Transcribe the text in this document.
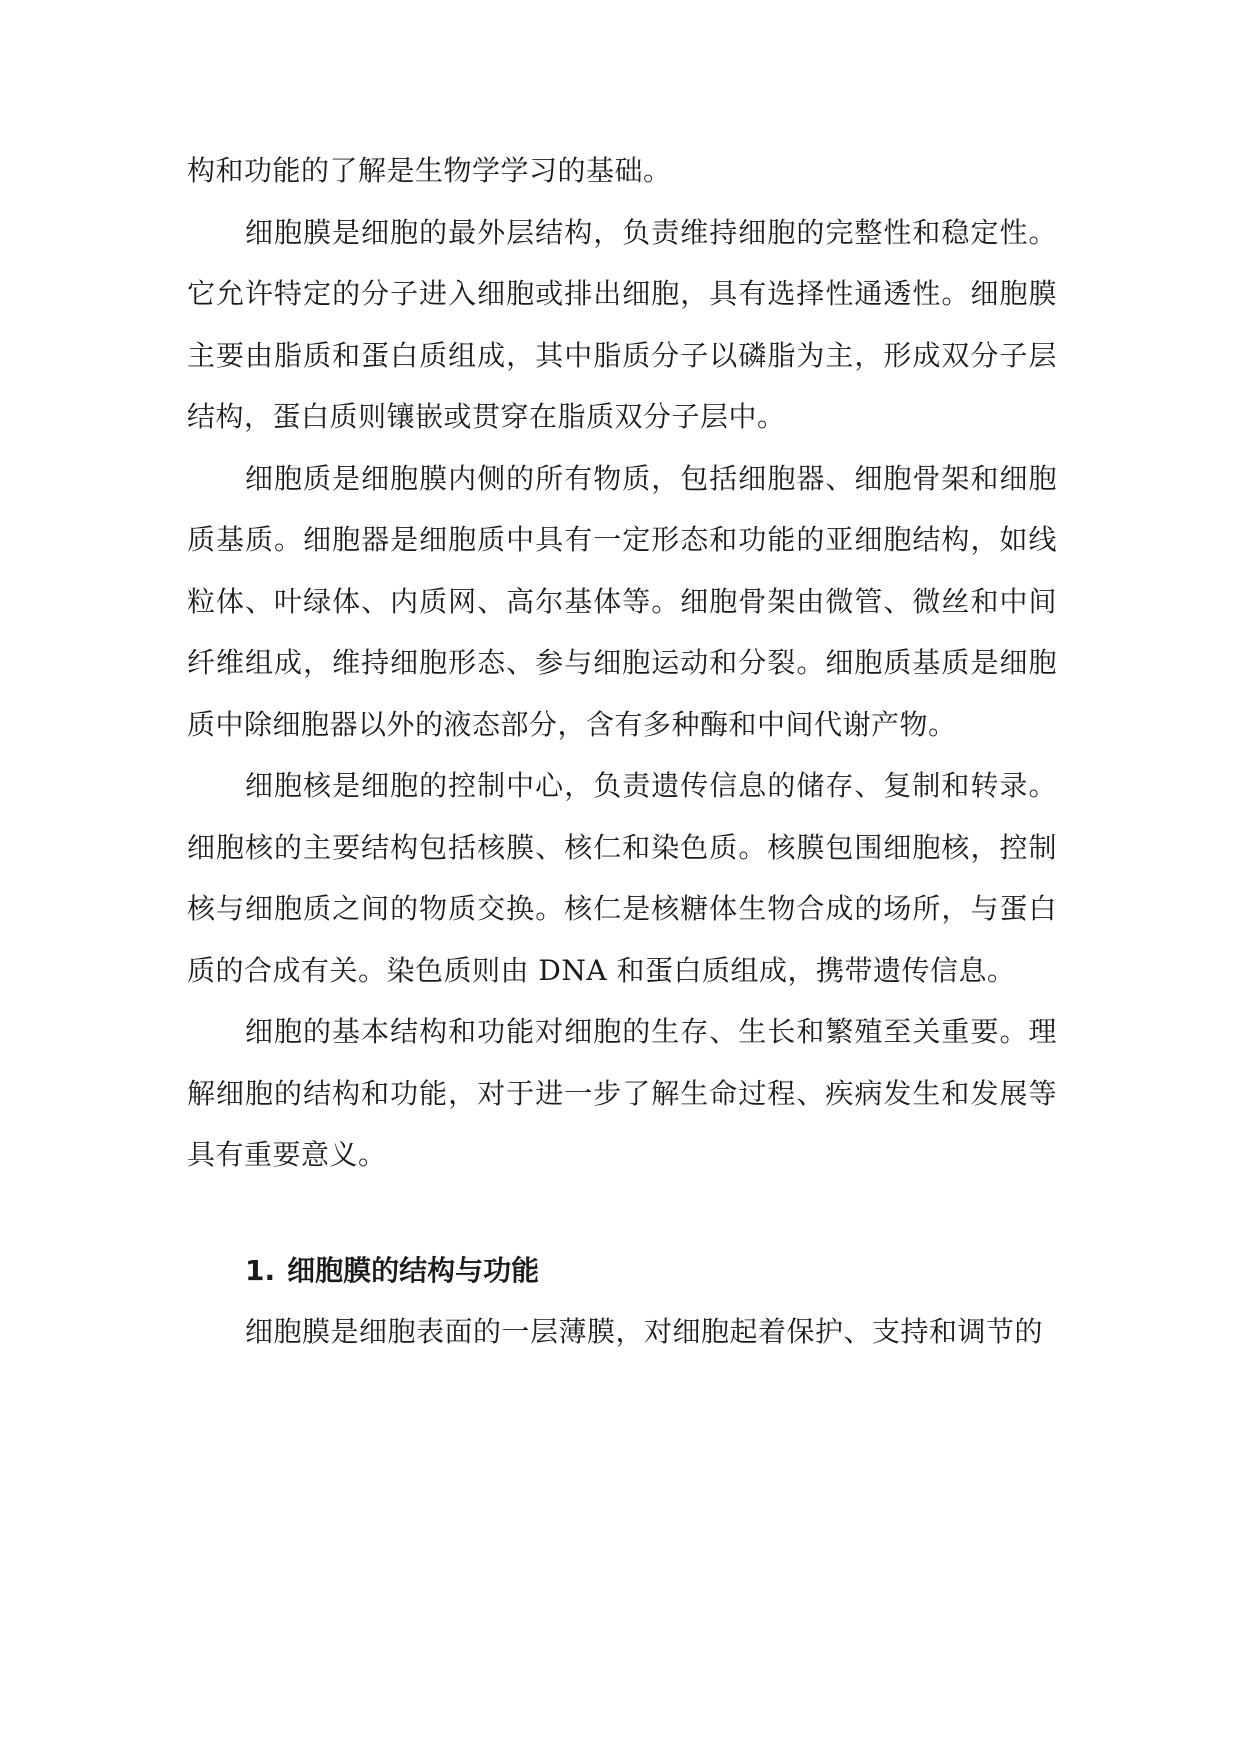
构和功能的了解是生物学学习的基础。

细胞膜是细胞的最外层结构，负责维持细胞的完整性和稳定性。它允许特定的分子进入细胞或排出细胞，具有选择性通透性。细胞膜主要由脂质和蛋白质组成，其中脂质分子以磷脂为主，形成双分子层结构，蛋白质则镶嵌或贯穿在脂质双分子层中。

细胞质是细胞膜内侧的所有物质，包括细胞器、细胞骨架和细胞质基质。细胞器是细胞质中具有一定形态和功能的亚细胞结构，如线粒体、叶绿体、内质网、高尔基体等。细胞骨架由微管、微丝和中间纤维组成，维持细胞形态、参与细胞运动和分裂。细胞质基质是细胞质中除细胞器以外的液态部分，含有多种酶和中间代谢产物。

细胞核是细胞的控制中心，负责遗传信息的储存、复制和转录。细胞核的主要结构包括核膜、核仁和染色质。核膜包围细胞核，控制核与细胞质之间的物质交换。核仁是核糖体生物合成的场所，与蛋白质的合成有关。染色质则由 DNA 和蛋白质组成，携带遗传信息。

细胞的基本结构和功能对细胞的生存、生长和繁殖至关重要。理解细胞的结构和功能，对于进一步了解生命过程、疾病发生和发展等具有重要意义。

1. 细胞膜的结构与功能

细胞膜是细胞表面的一层薄膜，对细胞起着保护、支持和调节的
